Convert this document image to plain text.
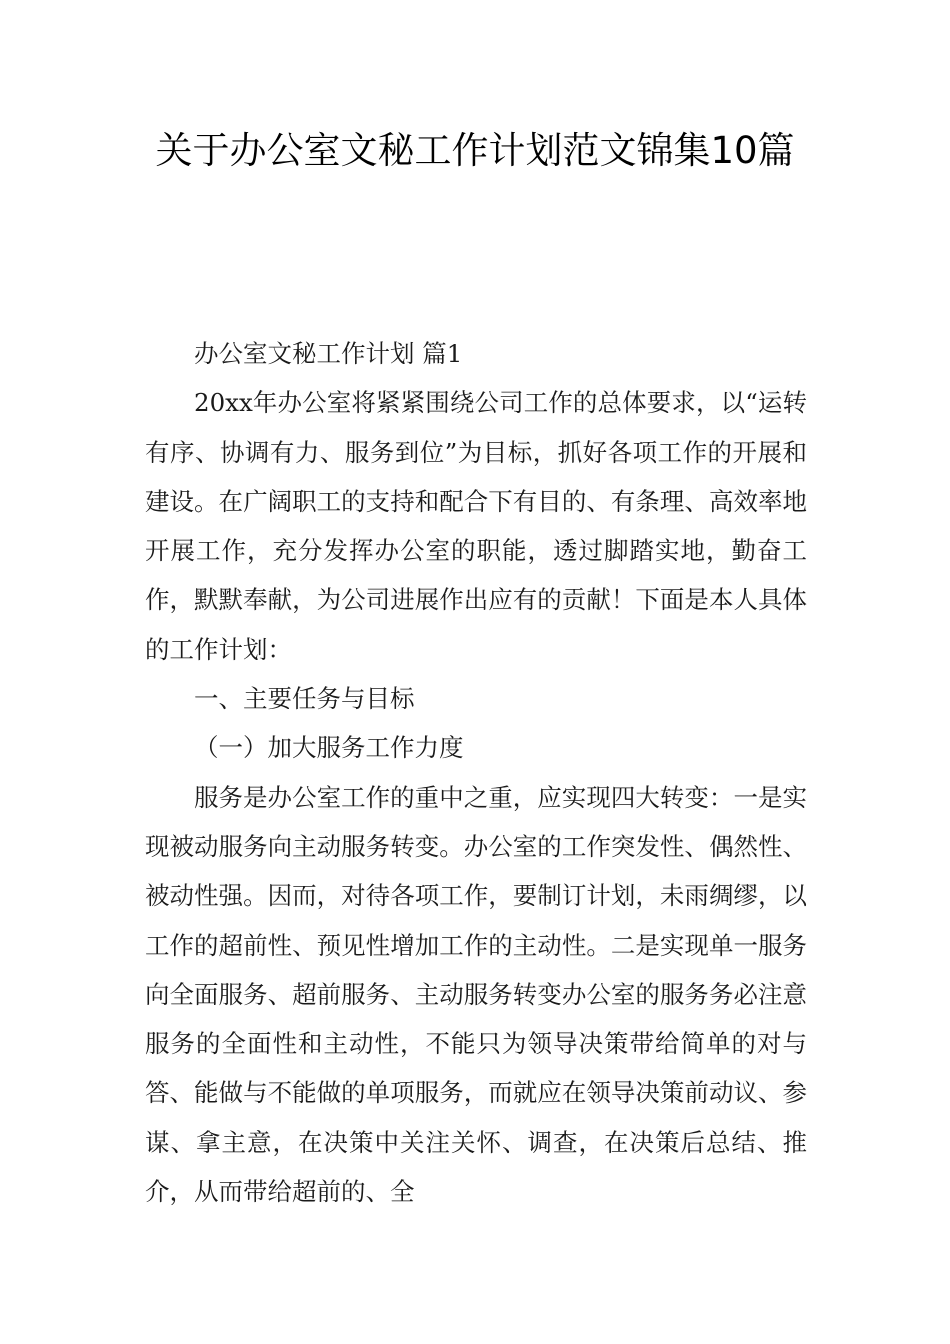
关于办公室文秘工作计划范文锦集10篇

办公室文秘工作计划 篇1

20xx年办公室将紧紧围绕公司工作的总体要求，以“运转有序、协调有力、服务到位”为目标，抓好各项工作的开展和建设。在广阔职工的支持和配合下有目的、有条理、高效率地开展工作，充分发挥办公室的职能，透过脚踏实地，勤奋工作，默默奉献，为公司进展作出应有的贡献！下面是本人具体的工作计划：

一、主要任务与目标

（一）加大服务工作力度

服务是办公室工作的重中之重，应实现四大转变：一是实现被动服务向主动服务转变。办公室的工作突发性、偶然性、被动性强。因而，对待各项工作，要制订计划，未雨绸缪，以工作的超前性、预见性增加工作的主动性。二是实现单一服务向全面服务、超前服务、主动服务转变办公室的服务务必注意服务的全面性和主动性，不能只为领导决策带给简单的对与答、能做与不能做的单项服务，而就应在领导决策前动议、参谋、拿主意，在决策中关注关怀、调查，在决策后总结、推介，从而带给超前的、全
